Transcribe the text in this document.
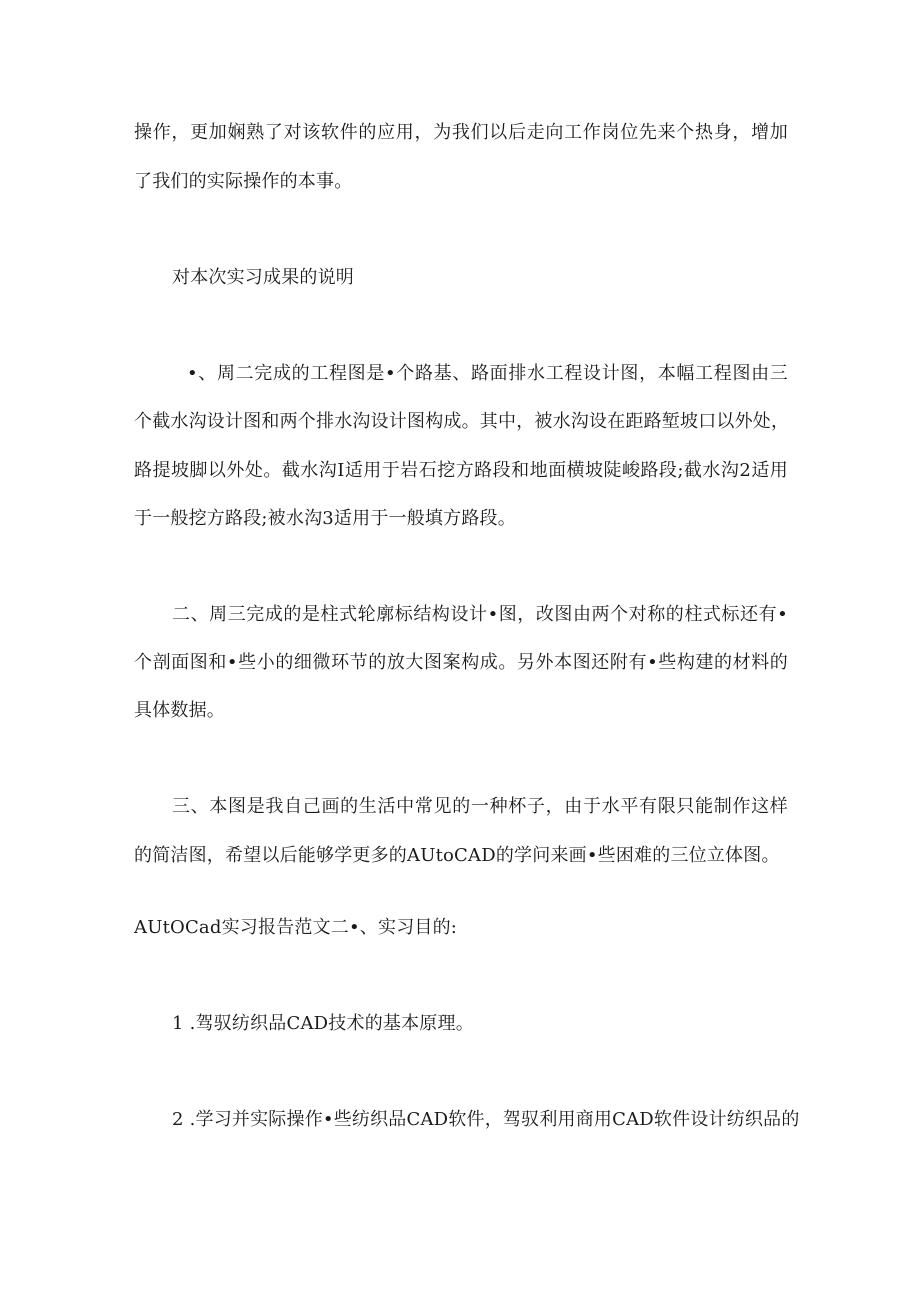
操作，更加娴熟了对该软件的应用，为我们以后走向工作岗位先来个热身，增加
了我们的实际操作的本事。
对本次实习成果的说明
•、周二完成的工程图是•个路基、路面排水工程设计图，本幅工程图由三
个截水沟设计图和两个排水沟设计图构成。其中，被水沟设在距路堑坡口以外处，
路提坡脚以外处。截水沟I适用于岩石挖方路段和地面横坡陡峻路段;截水沟2适用
于一般挖方路段;被水沟3适用于一般填方路段。
二、周三完成的是柱式轮廓标结构设计•图，改图由两个对称的柱式标还有•
个剖面图和•些小的细微环节的放大图案构成。另外本图还附有•些构建的材料的
具体数据。
三、本图是我自己画的生活中常见的一种杯子，由于水平有限只能制作这样
的简洁图，希望以后能够学更多的AUtoCAD的学问来画•些困难的三位立体图。
AUtOCad实习报告范文二•、实习目的:
1 .驾驭纺织品CAD技术的基本原理。
2 .学习并实际操作•些纺织品CAD软件，驾驭利用商用CAD软件设计纺织品的
